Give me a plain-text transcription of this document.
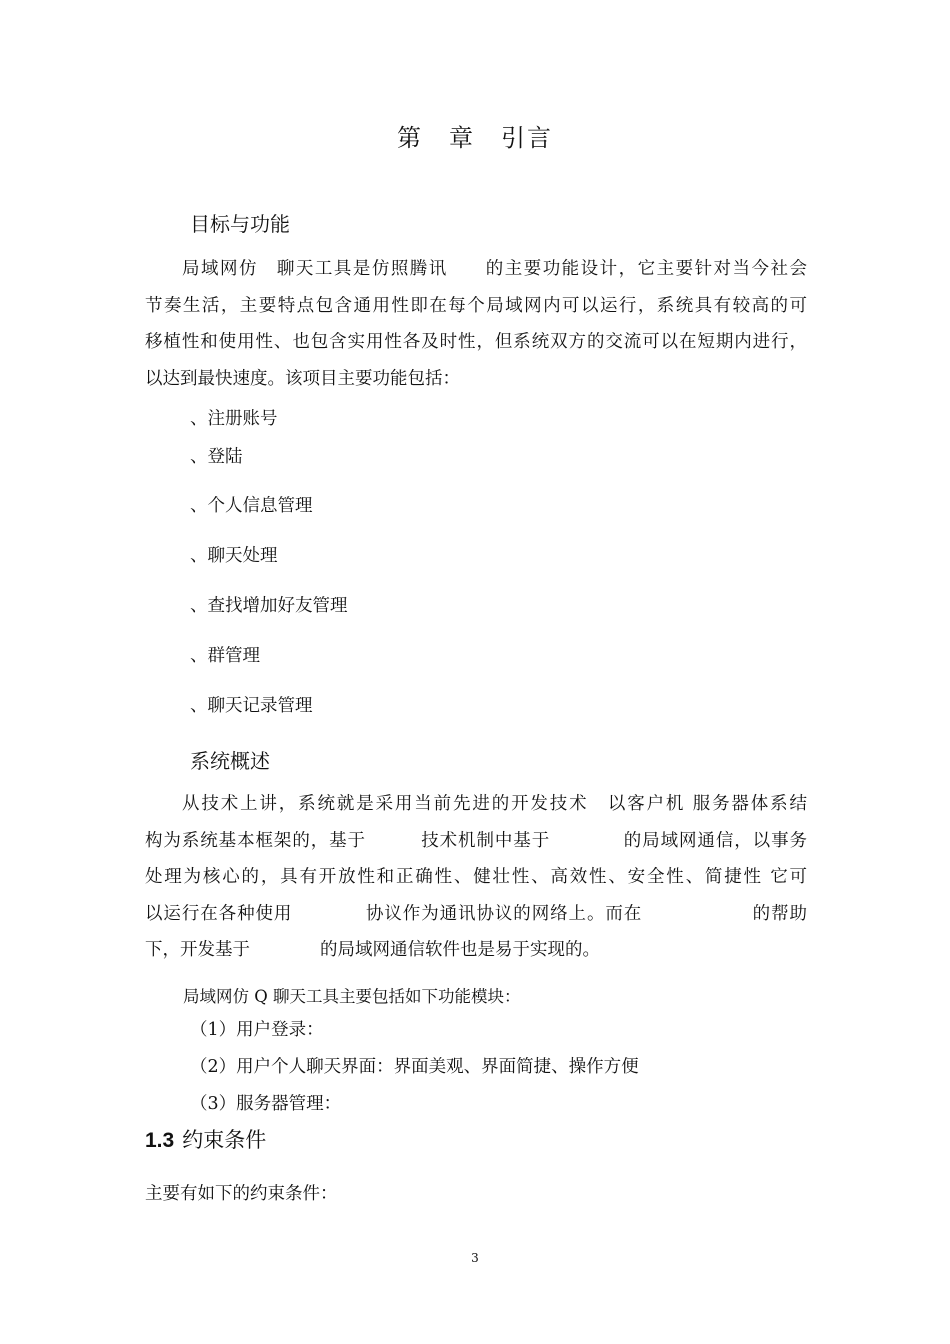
第　章　引言
目标与功能
局域网仿　聊天工具是仿照腾讯　　的主要功能设计，它主要针对当今社会
节奏生活，主要特点包含通用性即在每个局域网内可以运行，系统具有较高的可
移植性和使用性、也包含实用性各及时性，但系统双方的交流可以在短期内进行，
以达到最快速度。该项目主要功能包括：
、注册账号
、登陆
、个人信息管理
、聊天处理
、查找增加好友管理
、群管理
、聊天记录管理
系统概述
从技术上讲，系统就是采用当前先进的开发技术　以客户机 服务器体系结
构为系统基本框架的，基于　　　技术机制中基于　　　　的局域网通信，以事务
处理为核心的，具有开放性和正确性、健壮性、高效性、安全性、简捷性 它可
以运行在各种使用　　　　协议作为通讯协议的网络上。而在　　　　　　的帮助
下，开发基于　　　　的局域网通信软件也是易于实现的。
局域网仿 Q 聊天工具主要包括如下功能模块：
（1）用户登录：
（2）用户个人聊天界面：界面美观、界面简捷、操作方便
（3）服务器管理：
1.3 约束条件
主要有如下的约束条件：
3
